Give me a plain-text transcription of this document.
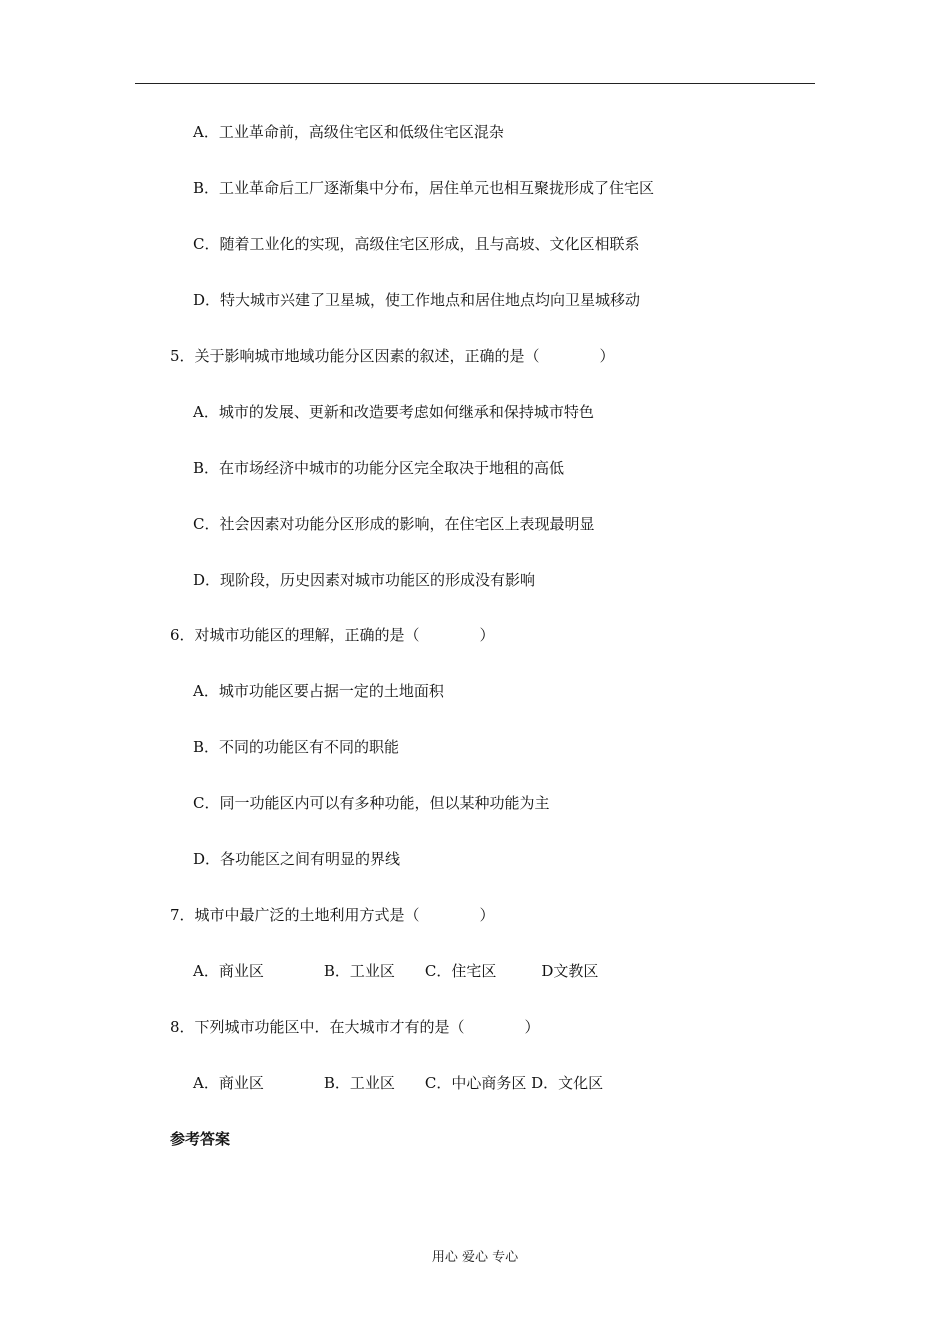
A．工业革命前，高级住宅区和低级住宅区混杂
B．工业革命后工厂逐渐集中分布，居住单元也相互聚拢形成了住宅区
C．随着工业化的实现，高级住宅区形成，且与高坡、文化区相联系
D．特大城市兴建了卫星城，使工作地点和居住地点均向卫星城移动
5．关于影响城市地域功能分区因素的叙述，正确的是（　　　　）
A．城市的发展、更新和改造要考虑如何继承和保持城市特色
B．在市场经济中城市的功能分区完全取决于地租的高低
C．社会因素对功能分区形成的影响，在住宅区上表现最明显
D．现阶段，历史因素对城市功能区的形成没有影响
6．对城市功能区的理解，正确的是（　　　　）
A．城市功能区要占据一定的土地面积
B．不同的功能区有不同的职能
C．同一功能区内可以有多种功能，但以某种功能为主
D．各功能区之间有明显的界线
7．城市中最广泛的土地利用方式是（　　　　）
A．商业区　　　　B．工业区　　C．住宅区　　　D文教区
8．下列城市功能区中．在大城市才有的是（　　　　）
A．商业区　　　　B．工业区　　C．中心商务区 D．文化区
参考答案
用心 爱心 专心
